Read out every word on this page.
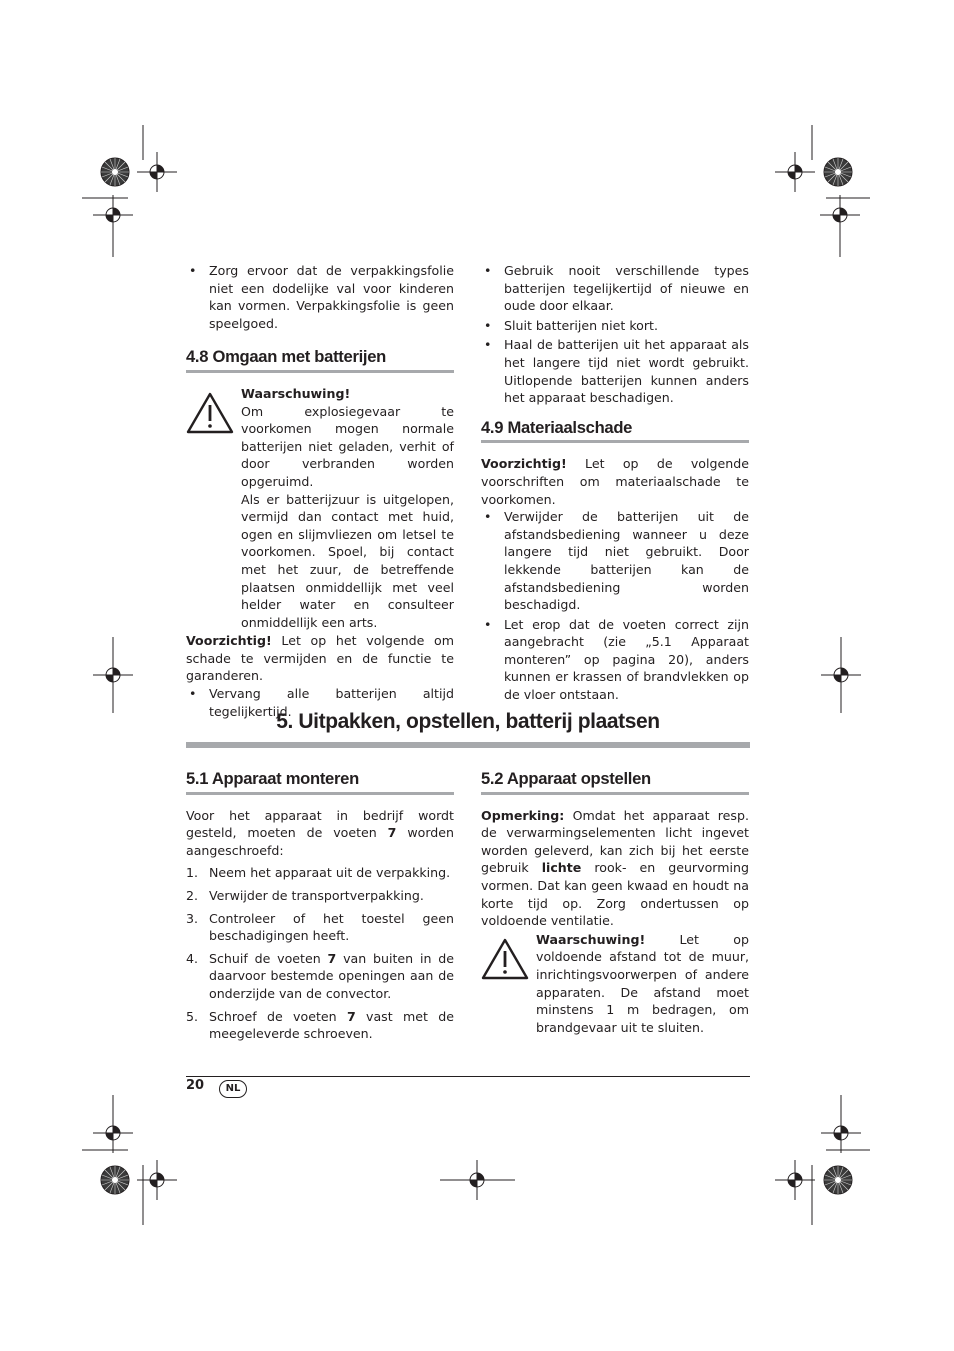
• Zorg ervoor dat de verpakkingsfolie niet een dodelijke val voor kinderen kan vormen. Verpakkingsfolie is geen speelgoed.
4.8 Omgaan met batterijen

Waarschuwing!

Om explosiegevaar te voorkomen mogen normale batterijen niet geladen, verhit of door verbranden worden opgeruimd.

Als er batterijzuur is uitgelopen, vermijd dan contact met huid, ogen en slijmvliezen om letsel te voorkomen. Spoel, bij contact met het zuur, de betreffende plaatsen onmiddellijk met veel helder water en consulteer onmiddellijk een arts.

Voorzichtig! Let op het volgende om schade te vermijden en de functie te garanderen.

• Vervang alle batterijen altijd tegelijkertijd.
• Gebruik nooit verschillende types batterijen tegelijkertijd of nieuwe en oude door elkaar.
• Sluit batterijen niet kort.
• Haal de batterijen uit het apparaat als het langere tijd niet wordt gebruikt. Uitlopende batterijen kunnen anders het apparaat beschadigen.
4.9 Materiaalschade

Voorzichtig! Let op de volgende voorschriften om materiaalschade te voorkomen.

• Verwijder de batterijen uit de afstandsbediening wanneer u deze langere tijd niet gebruikt. Door lekkende batterijen kan de afstandsbediening worden beschadigd.
• Let erop dat de voeten correct zijn aangebracht (zie „5.1 Apparaat monteren” op pagina 20), anders kunnen er krassen of brandvlekken op de vloer ontstaan.
5. Uitpakken, opstellen, batterij plaatsen
5.1 Apparaat monteren

Voor het apparaat in bedrijf wordt gesteld, moeten de voeten 7 worden aangeschroefd:

1. Neem het apparaat uit de verpakking.
2. Verwijder de transportverpakking.
3. Controleer of het toestel geen beschadigingen heeft.
4. Schuif de voeten 7 van buiten in de daarvoor bestemde openingen aan de onderzijde van de convector.
5. Schroef de voeten 7 vast met de meegeleverde schroeven.
5.2 Apparaat opstellen

Opmerking: Omdat het apparaat resp. de verwarmingselementen licht ingevet worden geleverd, kan zich bij het eerste gebruik lichte rook- en geurvorming vormen. Dat kan geen kwaad en houdt na korte tijd op. Zorg ondertussen op voldoende ventilatie.

Waarschuwing!	Let op voldoende afstand tot de muur, inrichtingsvoorwerpen of andere apparaten. De afstand moet minstens 1 m bedragen, om brandgevaar uit te sluiten.

20	NL
